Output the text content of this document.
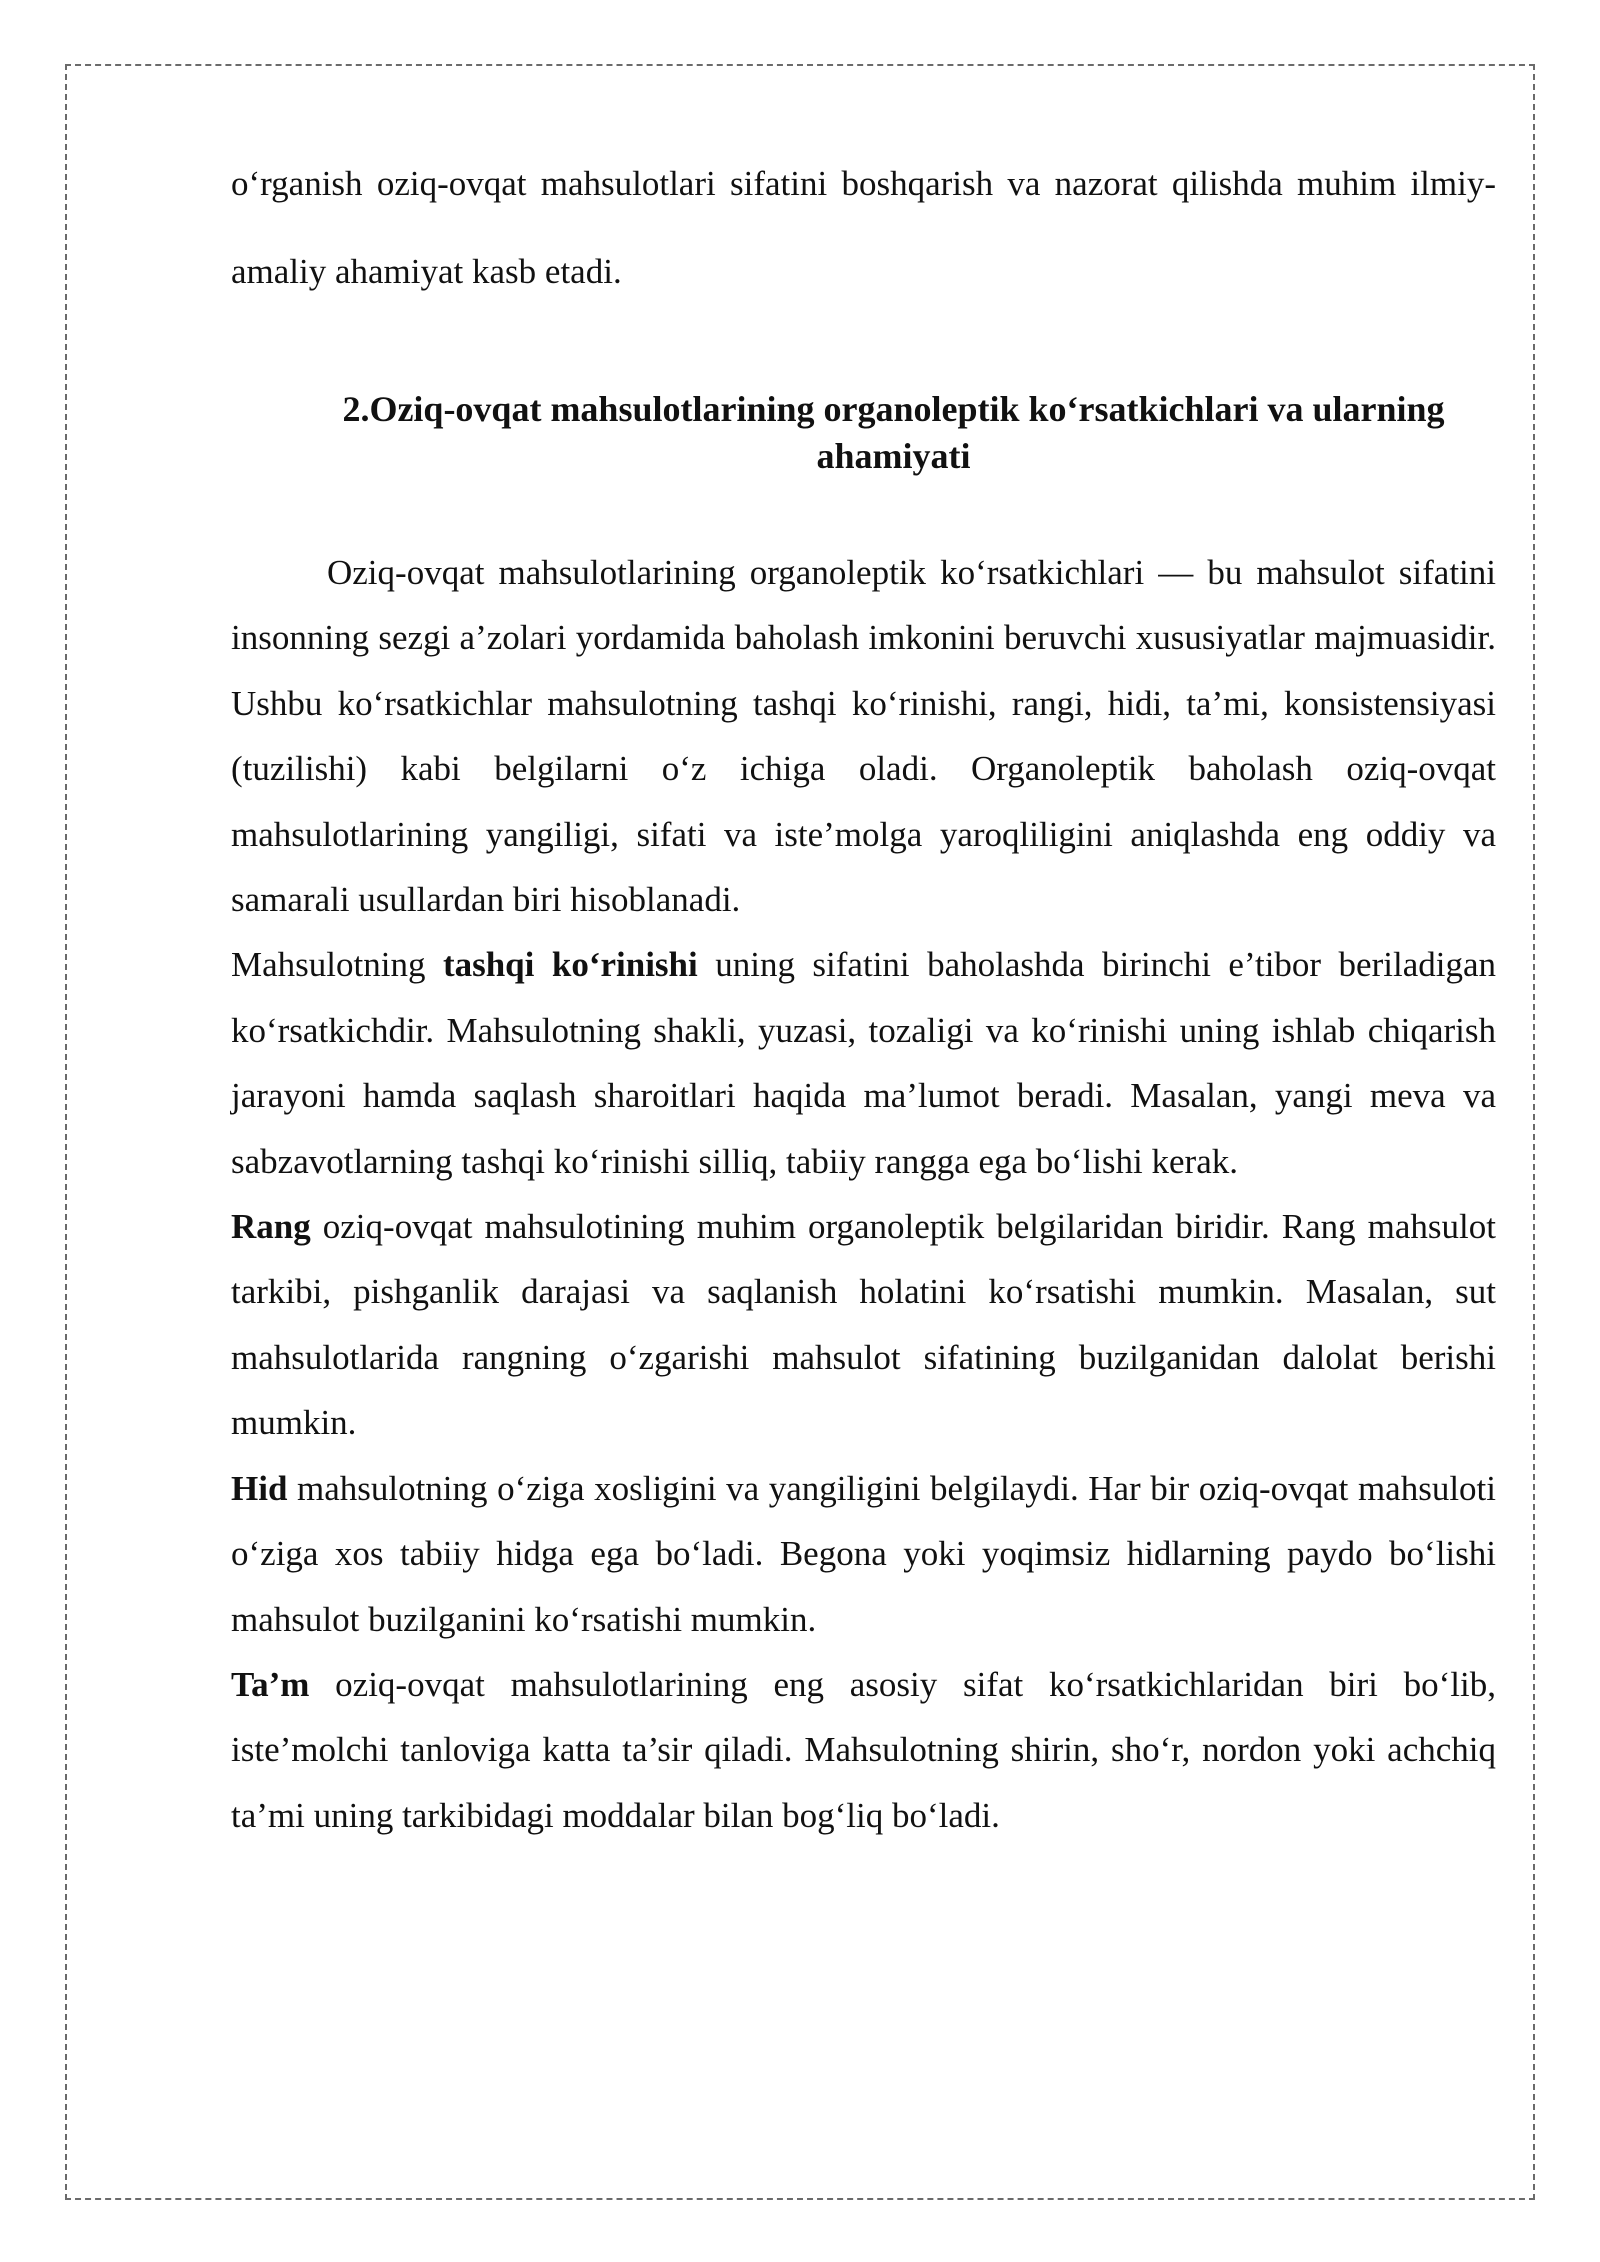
o‘rganish oziq-ovqat mahsulotlari sifatini boshqarish va nazorat qilishda muhim ilmiy-amaliy ahamiyat kasb etadi.

2.Oziq-ovqat mahsulotlarining organoleptik ko‘rsatkichlari va ularning
ahamiyati

Oziq-ovqat mahsulotlarining organoleptik ko‘rsatkichlari — bu mahsulot sifatini insonning sezgi a’zolari yordamida baholash imkonini beruvchi xususiyatlar majmuasidir. Ushbu ko‘rsatkichlar mahsulotning tashqi ko‘rinishi, rangi, hidi, ta’mi, konsistensiyasi (tuzilishi) kabi belgilarni o‘z ichiga oladi. Organoleptik baholash oziq-ovqat mahsulotlarining yangiligi, sifati va iste’molga yaroqliligini aniqlashda eng oddiy va samarali usullardan biri hisoblanadi.

Mahsulotning tashqi ko‘rinishi uning sifatini baholashda birinchi e’tibor beriladigan ko‘rsatkichdir. Mahsulotning shakli, yuzasi, tozaligi va ko‘rinishi uning ishlab chiqarish jarayoni hamda saqlash sharoitlari haqida ma’lumot beradi. Masalan, yangi meva va sabzavotlarning tashqi ko‘rinishi silliq, tabiiy rangga ega bo‘lishi kerak.

Rang oziq-ovqat mahsulotining muhim organoleptik belgilaridan biridir. Rang mahsulot tarkibi, pishganlik darajasi va saqlanish holatini ko‘rsatishi mumkin. Masalan, sut mahsulotlarida rangning o‘zgarishi mahsulot sifatining buzilganidan dalolat berishi mumkin.

Hid mahsulotning o‘ziga xosligini va yangiligini belgilaydi. Har bir oziq-ovqat mahsuloti o‘ziga xos tabiiy hidga ega bo‘ladi. Begona yoki yoqimsiz hidlarning paydo bo‘lishi mahsulot buzilganini ko‘rsatishi mumkin.

Ta’m oziq-ovqat mahsulotlarining eng asosiy sifat ko‘rsatkichlaridan biri bo‘lib, iste’molchi tanloviga katta ta’sir qiladi. Mahsulotning shirin, sho‘r, nordon yoki achchiq ta’mi uning tarkibidagi moddalar bilan bog‘liq bo‘ladi.
